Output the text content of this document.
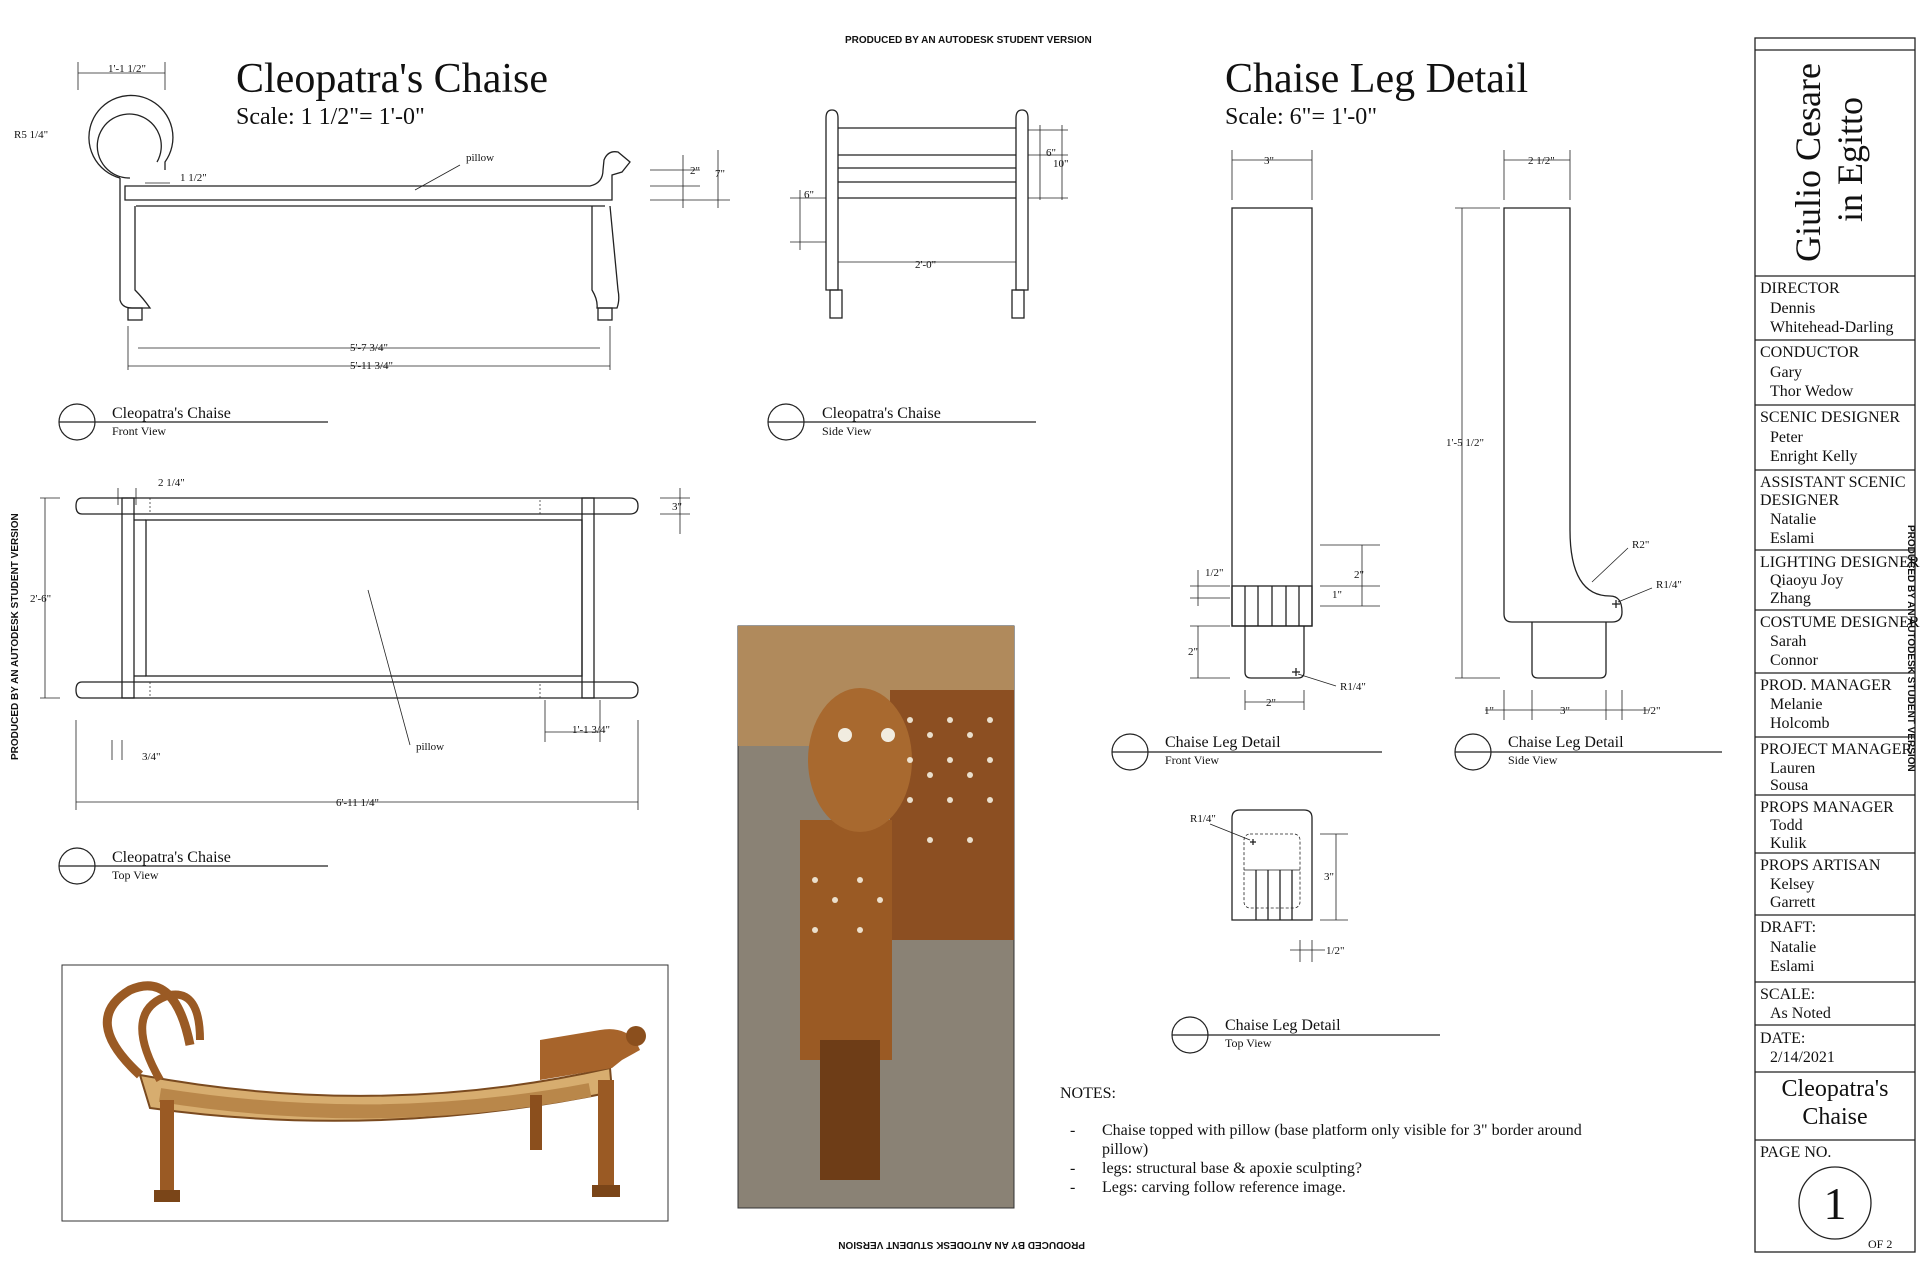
PRODUCED BY AN AUTODESK STUDENT VERSION
PRODUCED BY AN AUTODESK STUDENT VERSION
PRODUCED BY AN AUTODESK STUDENT VERSION	PRODUCED BY AN AUTODESK STUDENT VERSION
Cleopatra's Chaise
Scale: 1 1/2"= 1'-0"
Chaise Leg Detail
Scale: 6"= 1'-0"
1'-1 1/2"
R5 1/4"
1 1/2"
2" 7"
5'-7 3/4"
5'-11 3/4"
pillow
6"
6"
10"
2'-0"
2 1/4"
3"
2'-6"
3/4"
1'-1 3/4"
6'-11 1/4"
pillow
Cleopatra's Chaise
Front View
Cleopatra's Chaise
Side View
Cleopatra's Chaise
Top View
3"
1/2"	2"
1"
2"
2"
R1/4"
2 1/2"
1'-5 1/2"
R2"
R1/4"
1"	3"	1/2"
R1/4"
3"
1/2"
Chaise Leg Detail
Front View
Chaise Leg Detail
Side View
Chaise Leg Detail
Top View
NOTES:
- Chaise topped with pillow (base platform only visible for 3" border around
pillow)
- legs: structural base & apoxie sculpting?
- Legs: carving follow reference image.
Giulio Cesare in Egitto
DIRECTOR
Dennis
Whitehead-Darling
CONDUCTOR
Gary
Thor Wedow
SCENIC DESIGNER
Peter
Enright Kelly
ASSISTANT SCENIC
DESIGNER
Natalie
Eslami
LIGHTING DESIGNER
Qiaoyu Joy
Zhang
COSTUME DESIGNER
Sarah
Connor
PROD. MANAGER
Melanie
Holcomb
PROJECT MANAGER
Lauren
Sousa
PROPS MANAGER
Todd
Kulik
PROPS ARTISAN
Kelsey
Garrett
DRAFT:
Natalie
Eslami
SCALE:
As Noted
DATE:
2/14/2021
Cleopatra's
Chaise
PAGE NO.
1
OF 2
